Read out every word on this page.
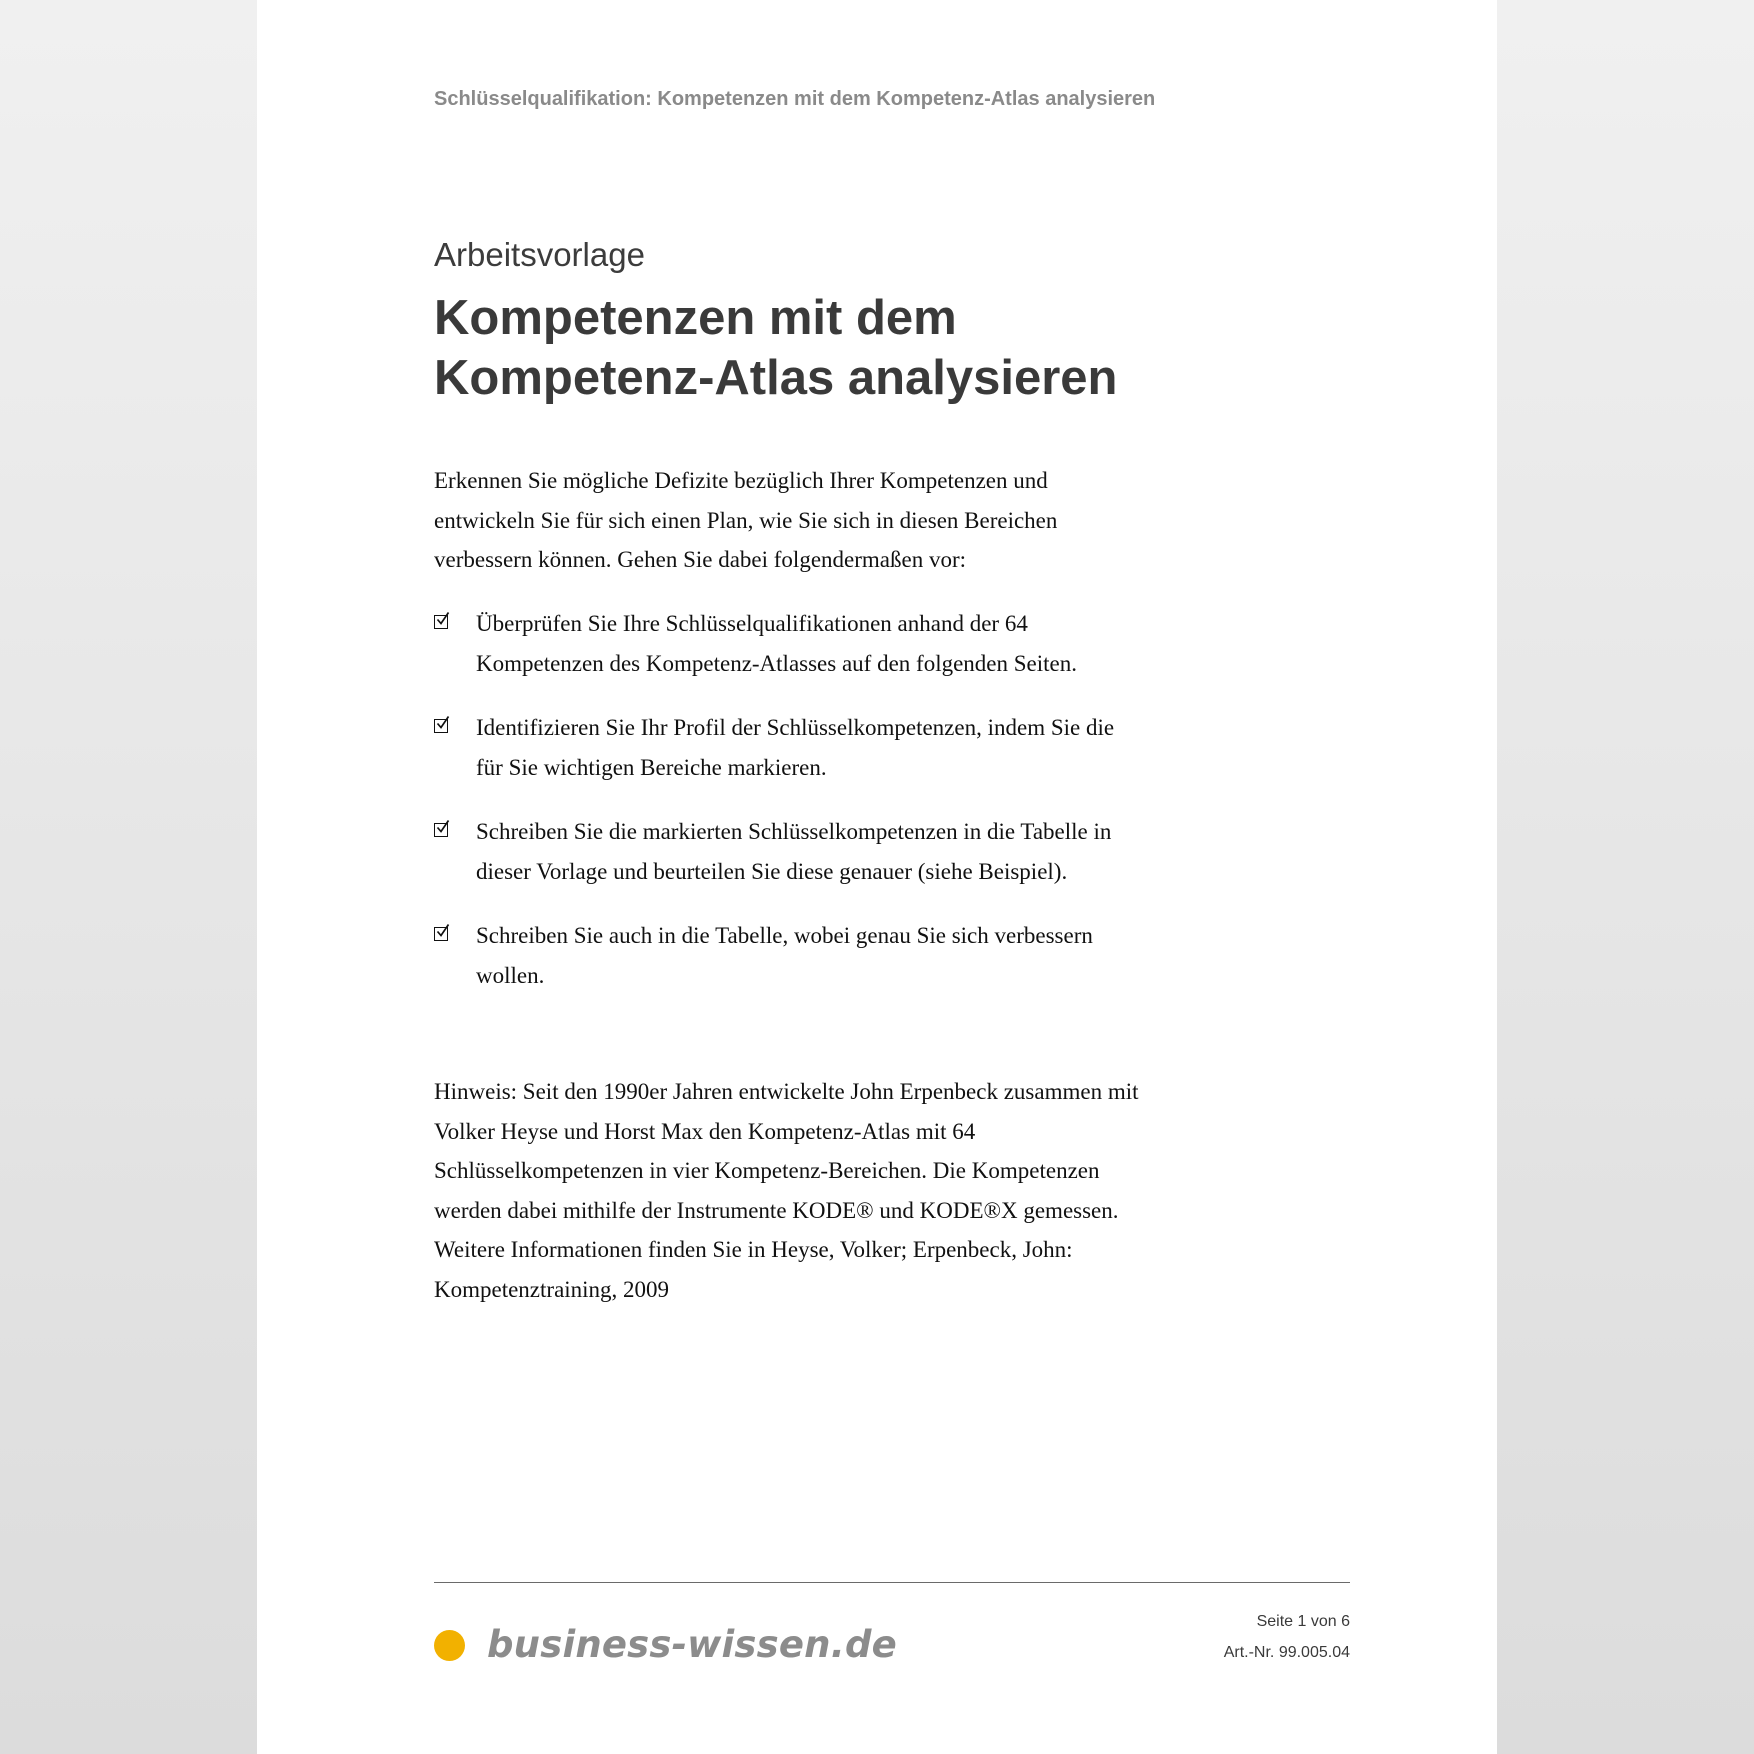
Schlüsselqualifikation: Kompetenzen mit dem Kompetenz-Atlas analysieren
Arbeitsvorlage
Kompetenzen mit dem
Kompetenz-Atlas analysieren

Erkennen Sie mögliche Defizite bezüglich Ihrer Kompetenzen und
entwickeln Sie für sich einen Plan, wie Sie sich in diesen Bereichen
verbessern können. Gehen Sie dabei folgendermaßen vor:

Überprüfen Sie Ihre Schlüsselqualifikationen anhand der 64
Kompetenzen des Kompetenz-Atlasses auf den folgenden Seiten.
Identifizieren Sie Ihr Profil der Schlüsselkompetenzen, indem Sie die
für Sie wichtigen Bereiche markieren.
Schreiben Sie die markierten Schlüsselkompetenzen in die Tabelle in
dieser Vorlage und beurteilen Sie diese genauer (siehe Beispiel).
Schreiben Sie auch in die Tabelle, wobei genau Sie sich verbessern
wollen.

Hinweis: Seit den 1990er Jahren entwickelte John Erpenbeck zusammen mit
Volker Heyse und Horst Max den Kompetenz-Atlas mit 64
Schlüsselkompetenzen in vier Kompetenz-Bereichen. Die Kompetenzen
werden dabei mithilfe der Instrumente KODE® und KODE®X gemessen.
Weitere Informationen finden Sie in Heyse, Volker; Erpenbeck, John:
Kompetenztraining, 2009

business-wissen.de
Seite 1 von 6
Art.-Nr. 99.005.04
